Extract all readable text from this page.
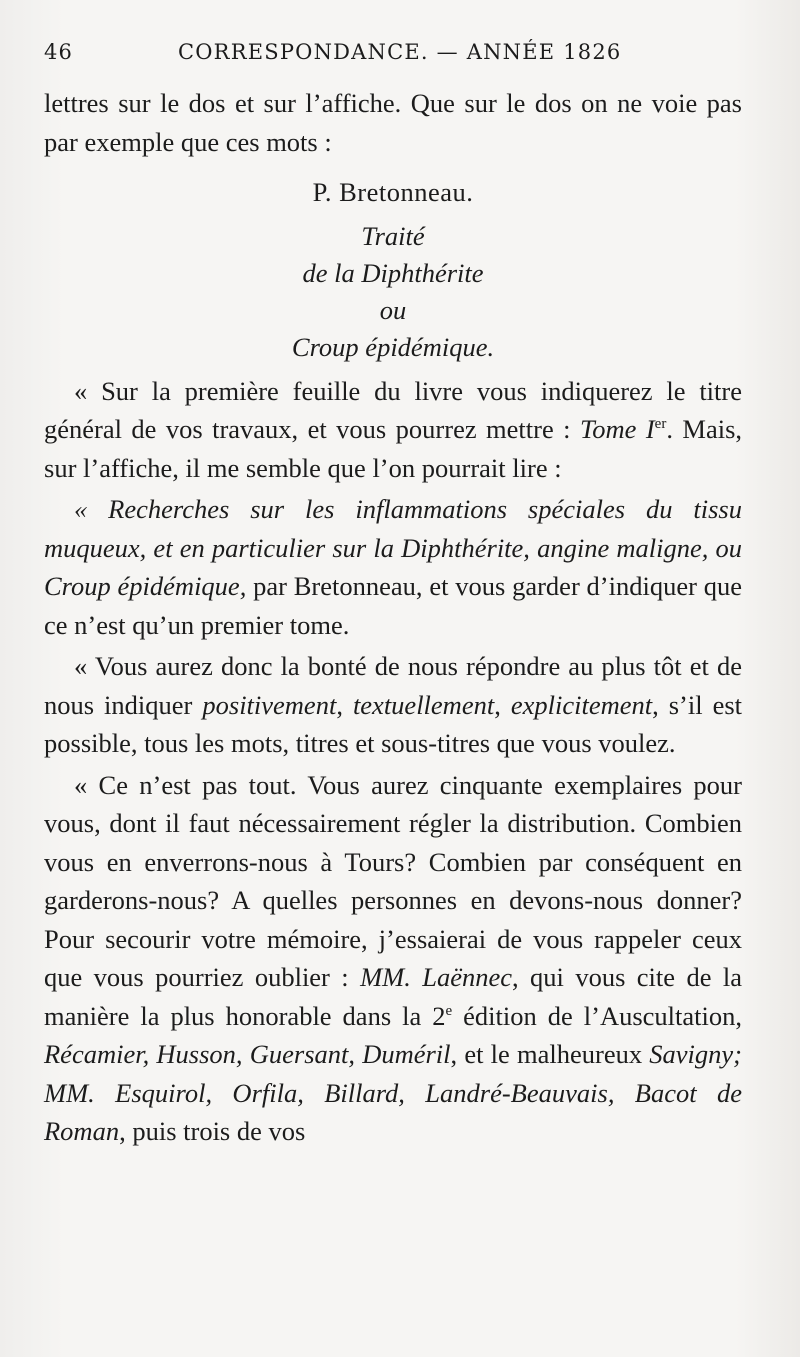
46	CORRESPONDANCE. — ANNÉE 1826

lettres sur le dos et sur l’affiche. Que sur le dos on ne voie pas par exemple que ces mots :

P. Bretonneau.

Traité

de la Diphthérite

ou

Croup épidémique.

« Sur la première feuille du livre vous indiquerez le titre général de vos travaux, et vous pourrez mettre : Tome Ier. Mais, sur l’affiche, il me semble que l’on pourrait lire :

« Recherches sur les inflammations spéciales du tissu muqueux, et en particulier sur la Diphthérite, angine maligne, ou Croup épidémique, par Bretonneau, et vous garder d’indiquer que ce n’est qu’un premier tome.

« Vous aurez donc la bonté de nous répondre au plus tôt et de nous indiquer positivement, textuellement, explicitement, s’il est possible, tous les mots, titres et sous-titres que vous voulez.

« Ce n’est pas tout. Vous aurez cinquante exemplaires pour vous, dont il faut nécessairement régler la distribution. Combien vous en enverrons-nous à Tours? Combien par conséquent en garderons-nous? A quelles personnes en devons-nous donner? Pour secourir votre mémoire, j’essaierai de vous rappeler ceux que vous pourriez oublier : MM. Laënnec, qui vous cite de la manière la plus honorable dans la 2e édition de l’Auscultation, Récamier, Husson, Guersant, Duméril, et le malheureux Savigny; MM. Esquirol, Orfila, Billard, Landré-Beauvais, Bacot de Roman, puis trois de vos
